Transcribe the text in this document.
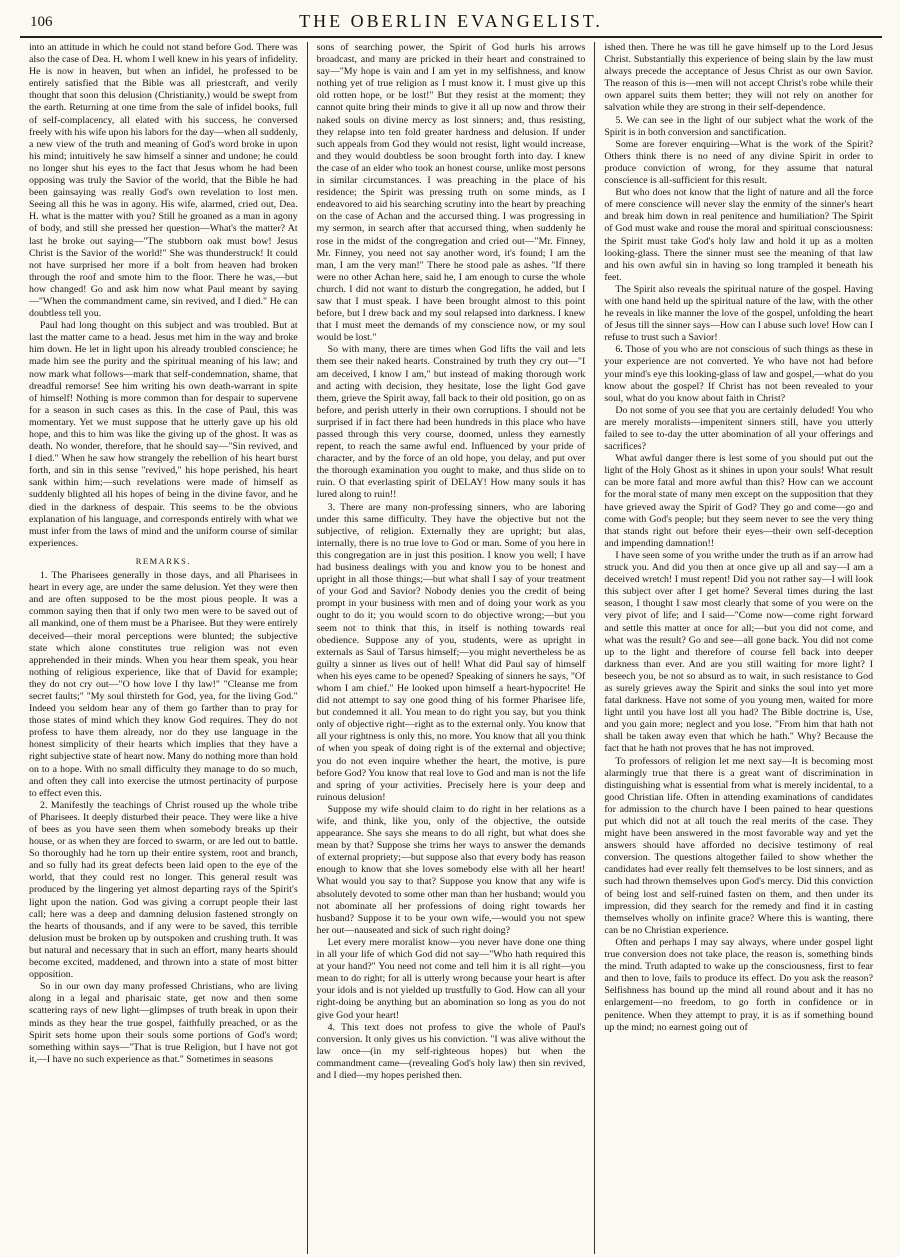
106	THE OBERLIN EVANGELIST.

into an attitude in which he could not stand before God. There was also the case of Dea. H. whom I well knew in his years of infidelity. He is now in heaven, but when an infidel, he professed to be entirely satisfied that the Bible was all priestcraft, and verily thought that soon this delusion (Christianity,) would be swept from the earth. Returning at one time from the sale of infidel books, full of self-complacency, all elated with his success, he conversed freely with his wife upon his labors for the day—when all suddenly, a new view of the truth and meaning of God's word broke in upon his mind; intuitively he saw himself a sinner and undone; he could no longer shut his eyes to the fact that Jesus whom he had been opposing was truly the Savior of the world, that the Bible he had been gainsaying was really God's own revelation to lost men. Seeing all this he was in agony. His wife, alarmed, cried out, Dea. H. what is the matter with you? Still he groaned as a man in agony of body, and still she pressed her question—What's the matter? At last he broke out saying—"The stubborn oak must bow! Jesus Christ is the Savior of the world!" She was thunderstruck! It could not have surprised her more if a bolt from heaven had broken through the roof and smote him to the floor. There he was,—but how changed! Go and ask him now what Paul meant by saying—"When the commandment came, sin revived, and I died." He can doubtless tell you.

Paul had long thought on this subject and was troubled. But at last the matter came to a head. Jesus met him in the way and broke him down. He let in light upon his already troubled conscience; he made him see the purity and the spiritual meaning of his law; and now mark what follows—mark that self-condemnation, shame, that dreadful remorse! See him writing his own death-warrant in spite of himself! Nothing is more common than for despair to supervene for a season in such cases as this. In the case of Paul, this was momentary. Yet we must suppose that he utterly gave up his old hope, and this to him was like the giving up of the ghost. It was as death. No wonder, therefore, that he should say—"Sin revived, and I died." When he saw how strangely the rebellion of his heart burst forth, and sin in this sense "revived," his hope perished, his heart sank within him;—such revelations were made of himself as suddenly blighted all his hopes of being in the divine favor, and he died in the darkness of despair. This seems to be the obvious explanation of his language, and corresponds entirely with what we must infer from the laws of mind and the uniform course of similar experiences.

REMARKS.

1. The Pharisees generally in those days, and all Pharisees in heart in every age, are under the same delusion. Yet they were then and are often supposed to be the most pious people. It was a common saying then that if only two men were to be saved out of all mankind, one of them must be a Pharisee. But they were entirely deceived—their moral perceptions were blunted; the subjective state which alone constitutes true religion was not even apprehended in their minds. When you hear them speak, you hear nothing of religious experience, like that of David for example; they do not cry out—"O how love I thy law!" "Cleanse me from secret faults;" "My soul thirsteth for God, yea, for the living God." Indeed you seldom hear any of them go farther than to pray for those states of mind which they know God requires. They do not profess to have them already, nor do they use language in the honest simplicity of their hearts which implies that they have a right subjective state of heart now. Many do nothing more than hold on to a hope. With no small difficulty they manage to do so much, and often they call into exercise the utmost pertinacity of purpose to effect even this.

2. Manifestly the teachings of Christ roused up the whole tribe of Pharisees. It deeply disturbed their peace. They were like a hive of bees as you have seen them when somebody breaks up their house, or as when they are forced to swarm, or are led out to battle. So thoroughly had he torn up their entire system, root and branch, and so fully had its great defects been laid open to the eye of the world, that they could rest no longer. This general result was produced by the lingering yet almost departing rays of the Spirit's light upon the nation. God was giving a corrupt people their last call; here was a deep and damning delusion fastened strongly on the hearts of thousands, and if any were to be saved, this terrible delusion must be broken up by outspoken and crushing truth. It was but natural and necessary that in such an effort, many hearts should become excited, maddened, and thrown into a state of most bitter opposition.

So in our own day many professed Christians, who are living along in a legal and pharisaic state, get now and then some scattering rays of new light—glimpses of truth break in upon their minds as they hear the true gospel, faithfully preached, or as the Spirit sets home upon their souls some portions of God's word; something within says—"That is true Religion, but I have not got it,—I have no such experience as that." Sometimes in seasons

sons of searching power, the Spirit of God hurls his arrows broadcast, and many are pricked in their heart and constrained to say—"My hope is vain and I am yet in my selfishness, and know nothing yet of true religion as I must know it. I must give up this old rotten hope, or be lost!" But they resist at the moment; they cannot quite bring their minds to give it all up now and throw their naked souls on divine mercy as lost sinners; and, thus resisting, they relapse into ten fold greater hardness and delusion. If under such appeals from God they would not resist, light would increase, and they would doubtless be soon brought forth into day. I knew the case of an elder who took an honest course, unlike most persons in similar circumstances. I was preaching in the place of his residence; the Spirit was pressing truth on some minds, as I endeavored to aid his searching scrutiny into the heart by preaching on the case of Achan and the accursed thing. I was progressing in my sermon, in search after that accursed thing, when suddenly he rose in the midst of the congregation and cried out—"Mr. Finney, Mr. Finney, you need not say another word, it's found; I am the man, I am the very man!" There he stood pale as ashes. "If there were no other Achan here, said he, I am enough to curse the whole church. I did not want to disturb the congregation, he added, but I saw that I must speak. I have been brought almost to this point before, but I drew back and my soul relapsed into darkness. I knew that I must meet the demands of my conscience now, or my soul would be lost."

So with many, there are times when God lifts the vail and lets them see their naked hearts. Constrained by truth they cry out—"I am deceived, I know I am," but instead of making thorough work and acting with decision, they hesitate, lose the light God gave them, grieve the Spirit away, fall back to their old position, go on as before, and perish utterly in their own corruptions. I should not be surprised if in fact there had been hundreds in this place who have passed through this very course, doomed, unless they earnestly repent, to reach the same awful end. Influenced by your pride of character, and by the force of an old hope, you delay, and put over the thorough examination you ought to make, and thus slide on to ruin. O that everlasting spirit of DELAY! How many souls it has lured along to ruin!!

3. There are many non-professing sinners, who are laboring under this same difficulty. They have the objective but not the subjective, of religion. Externally they are upright; but alas, internally, there is no true love to God or man. Some of you here in this congregation are in just this position. I know you well; I have had business dealings with you and know you to be honest and upright in all those things;—but what shall I say of your treatment of your God and Savior? Nobody denies you the credit of being prompt in your business with men and of doing your work as you ought to do it; you would scorn to do objective wrong;—but you seem not to think that this, in itself is nothing towards real obedience. Suppose any of you, students, were as upright in externals as Saul of Tarsus himself;—you might nevertheless be as guilty a sinner as lives out of hell! What did Paul say of himself when his eyes came to be opened? Speaking of sinners he says, "Of whom I am chief." He looked upon himself a heart-hypocrite! He did not attempt to say one good thing of his former Pharisee life, but condemned it all. You mean to do right you say, but you think only of objective right—right as to the external only. You know that all your rightness is only this, no more. You know that all you think of when you speak of doing right is of the external and objective; you do not even inquire whether the heart, the motive, is pure before God? You know that real love to God and man is not the life and spring of your activities. Precisely here is your deep and ruinous delusion!

Suppose my wife should claim to do right in her relations as a wife, and think, like you, only of the objective, the outside appearance. She says she means to do all right, but what does she mean by that? Suppose she trims her ways to answer the demands of external propriety;—but suppose also that every body has reason enough to know that she loves somebody else with all her heart! What would you say to that? Suppose you know that any wife is absolutely devoted to some other man than her husband; would you not abominate all her professions of doing right towards her husband? Suppose it to be your own wife,—would you not spew her out—nauseated and sick of such right doing?

Let every mere moralist know—you never have done one thing in all your life of which God did not say—"Who hath required this at your hand?" You need not come and tell him it is all right—you mean to do right; for all is utterly wrong because your heart is after your idols and is not yielded up trustfully to God. How can all your right-doing be anything but an abomination so long as you do not give God your heart!

4. This text does not profess to give the whole of Paul's conversion. It only gives us his conviction. "I was alive without the law once—(in my self-righteous hopes) but when the commandment came—(revealing God's holy law) then sin revived, and I died—my hopes perished then.

ished then. There he was till he gave himself up to the Lord Jesus Christ. Substantially this experience of being slain by the law must always precede the acceptance of Jesus Christ as our own Savior. The reason of this is—men will not accept Christ's robe while their own apparel suits them better; they will not rely on another for salvation while they are strong in their self-dependence.

5. We can see in the light of our subject what the work of the Spirit is in both conversion and sanctification.

Some are forever enquiring—What is the work of the Spirit? Others think there is no need of any divine Spirit in order to produce conviction of wrong, for they assume that natural conscience is all-sufficient for this result.

But who does not know that the light of nature and all the force of mere conscience will never slay the enmity of the sinner's heart and break him down in real penitence and humiliation? The Spirit of God must wake and rouse the moral and spiritual consciousness: the Spirit must take God's holy law and hold it up as a molten looking-glass. There the sinner must see the meaning of that law and his own awful sin in having so long trampled it beneath his feet.

The Spirit also reveals the spiritual nature of the gospel. Having with one hand held up the spiritual nature of the law, with the other he reveals in like manner the love of the gospel, unfolding the heart of Jesus till the sinner says—How can I abuse such love! How can I refuse to trust such a Savior!

6. Those of you who are not conscious of such things as these in your experience are not converted. Ye who have not had before your mind's eye this looking-glass of law and gospel,—what do you know about the gospel? If Christ has not been revealed to your soul, what do you know about faith in Christ?

Do not some of you see that you are certainly deluded! You who are merely moralists—impenitent sinners still, have you utterly failed to see to-day the utter abomination of all your offerings and sacrifices?

What awful danger there is lest some of you should put out the light of the Holy Ghost as it shines in upon your souls! What result can be more fatal and more awful than this? How can we account for the moral state of many men except on the supposition that they have grieved away the Spirit of God? They go and come—go and come with God's people; but they seem never to see the very thing that stands right out before their eyes—their own self-deception and impending damnation!!

I have seen some of you writhe under the truth as if an arrow had struck you. And did you then at once give up all and say—I am a deceived wretch! I must repent! Did you not rather say—I will look this subject over after I get home? Several times during the last season, I thought I saw most clearly that some of you were on the very pivot of life; and I said—"Come now—come right forward and settle this matter at once for all;—but you did not come, and what was the result? Go and see—all gone back. You did not come up to the light and therefore of course fell back into deeper darkness than ever. And are you still waiting for more light? I beseech you, be not so absurd as to wait, in such resistance to God as surely grieves away the Spirit and sinks the soul into yet more fatal darkness. Have not some of you young men, waited for more light until you have lost all you had? The Bible doctrine is, Use, and you gain more; neglect and you lose. "From him that hath not shall be taken away even that which he hath." Why? Because the fact that he hath not proves that he has not improved.

To professors of religion let me next say—It is becoming most alarmingly true that there is a great want of discrimination in distinguishing what is essential from what is merely incidental, to a good Christian life. Often in attending examinations of candidates for admission to the church have I been pained to hear questions put which did not at all touch the real merits of the case. They might have been answered in the most favorable way and yet the answers should have afforded no decisive testimony of real conversion. The questions altogether failed to show whether the candidates had ever really felt themselves to be lost sinners, and as such had thrown themselves upon God's mercy. Did this conviction of being lost and self-ruined fasten on them, and then under its impression, did they search for the remedy and find it in casting themselves wholly on infinite grace? Where this is wanting, there can be no Christian experience.

Often and perhaps I may say always, where under gospel light true conversion does not take place, the reason is, something binds the mind. Truth adapted to wake up the consciousness, first to fear and then to love, fails to produce its effect. Do you ask the reason? Selfishness has bound up the mind all round about and it has no enlargement—no freedom, to go forth in confidence or in penitence. When they attempt to pray, it is as if something bound up the mind; no earnest going out of
